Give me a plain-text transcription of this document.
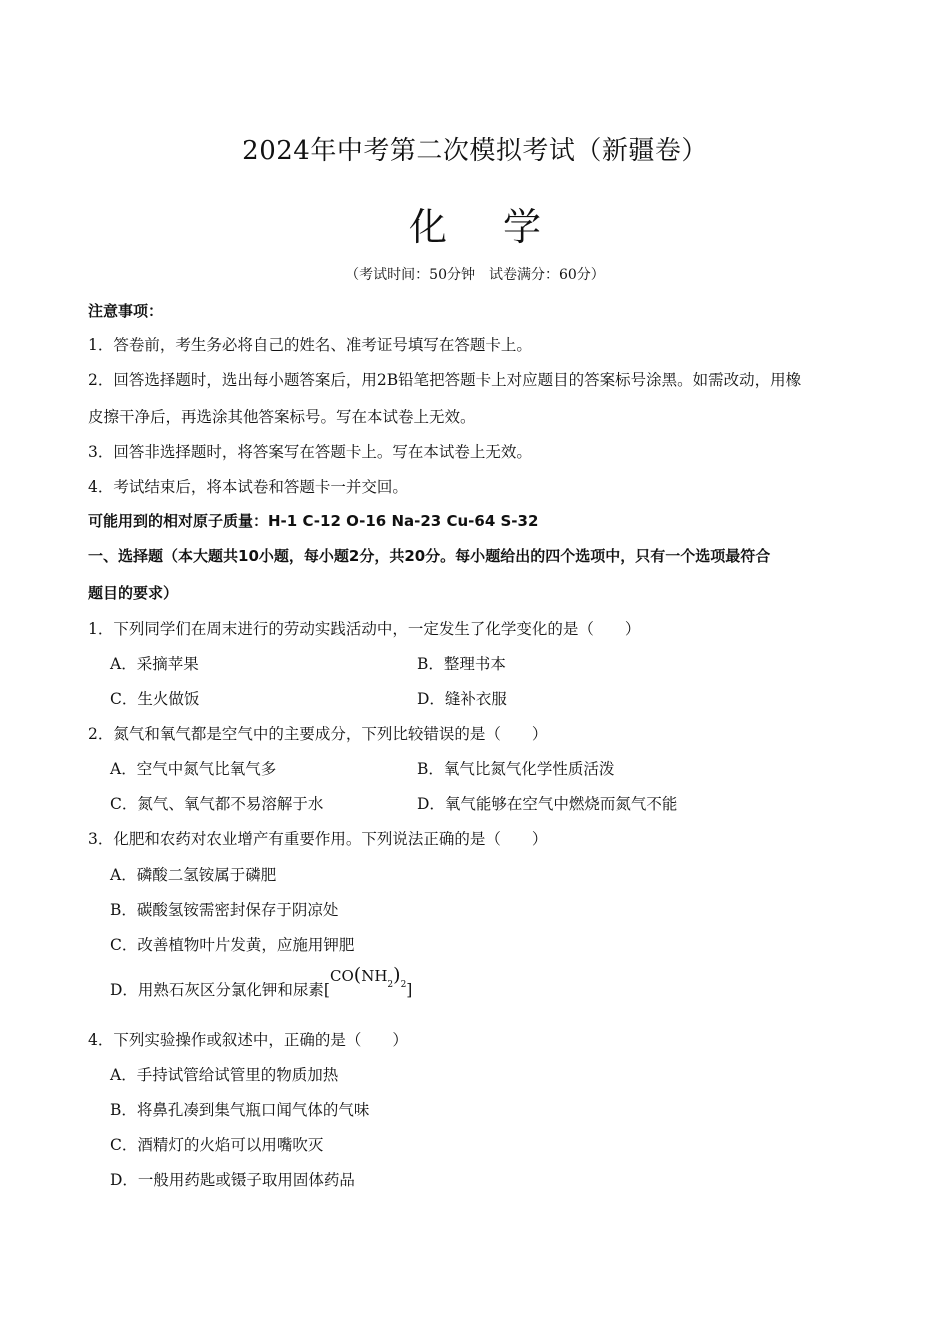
2024年中考第二次模拟考试（新疆卷）
化学
（考试时间：50分钟　试卷满分：60分）
注意事项：
1．答卷前，考生务必将自己的姓名、准考证号填写在答题卡上。
2．回答选择题时，选出每小题答案后，用2B铅笔把答题卡上对应题目的答案标号涂黑。如需改动，用橡
皮擦干净后，再选涂其他答案标号。写在本试卷上无效。
3．回答非选择题时，将答案写在答题卡上。写在本试卷上无效。
4．考试结束后，将本试卷和答题卡一并交回。
可能用到的相对原子质量：H-1 C-12 O-16 Na-23 Cu-64 S-32
一、选择题（本大题共10小题，每小题2分，共20分。每小题给出的四个选项中，只有一个选项最符合
题目的要求）
1．下列同学们在周末进行的劳动实践活动中，一定发生了化学变化的是（　　）
A．采摘苹果	B．整理书本
C．生火做饭	D．缝补衣服
2．氮气和氧气都是空气中的主要成分，下列比较错误的是（　　）
A．空气中氮气比氧气多	B．氧气比氮气化学性质活泼
C．氮气、氧气都不易溶解于水	D．氧气能够在空气中燃烧而氮气不能
3．化肥和农药对农业增产有重要作用。下列说法正确的是（　　）
A．磷酸二氢铵属于磷肥
B．碳酸氢铵需密封保存于阴凉处
C．改善植物叶片发黄，应施用钾肥
D．用熟石灰区分氯化钾和尿素$[CO(NH_2)_2]$
4．下列实验操作或叙述中，正确的是（　　）
A．手持试管给试管里的物质加热
B．将鼻孔凑到集气瓶口闻气体的气味
C．酒精灯的火焰可以用嘴吹灭
D．一般用药匙或镊子取用固体药品
